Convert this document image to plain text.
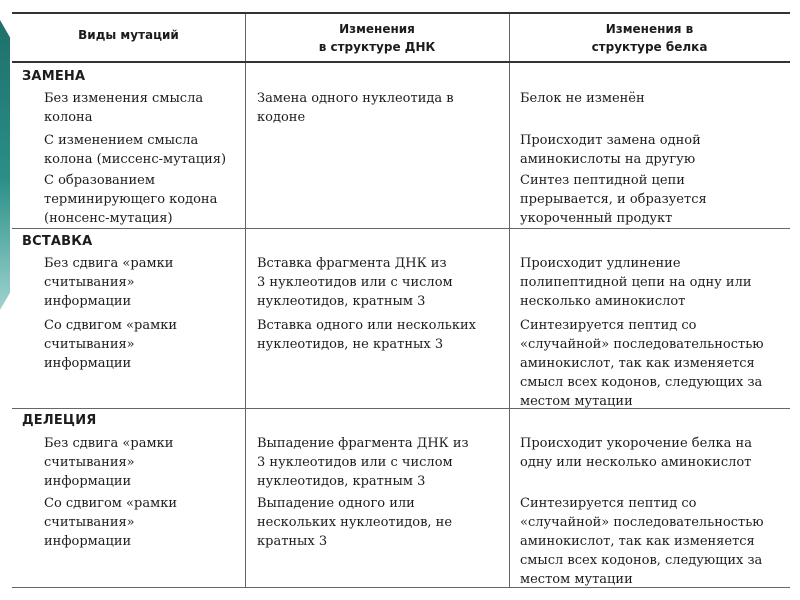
Виды мутаций	Изменения
в структуре ДНК
Изменения в
структуре белка
ЗАМЕНА
Без изменения смысла
колона
Замена одного нуклеотида в
кодоне
Белок не изменён
С изменением смысла
колона (миссенс-мутация)
Происходит замена одной
аминокислоты на другую
С образованием
терминирующего кодона
(нонсенс-мутация)
Синтез пептидной цепи
прерывается, и образуется
укороченный продукт
ВСТАВКА
Без сдвига «рамки
считывания»
информации
Вставка фрагмента ДНК из
3 нуклеотидов или с числом
нуклеотидов, кратным 3
Происходит удлинение
полипептидной цепи на одну или
несколько аминокислот
Со сдвигом «рамки
считывания»
информации
Вставка одного или нескольких
нуклеотидов, не кратных 3
Синтезируется пептид со
«случайной» последовательностью
аминокислот, так как изменяется
смысл всех кодонов, следующих за
местом мутации
ДЕЛЕЦИЯ
Без сдвига «рамки
считывания»
информации
Выпадение фрагмента ДНК из
3 нуклеотидов или с числом
нуклеотидов, кратным 3
Происходит укорочение белка на
одну или несколько аминокислот
Со сдвигом «рамки
считывания»
информации
Выпадение одного или
нескольких нуклеотидов, не
кратных 3
Синтезируется пептид со
«случайной» последовательностью
аминокислот, так как изменяется
смысл всех кодонов, следующих за
местом мутации
